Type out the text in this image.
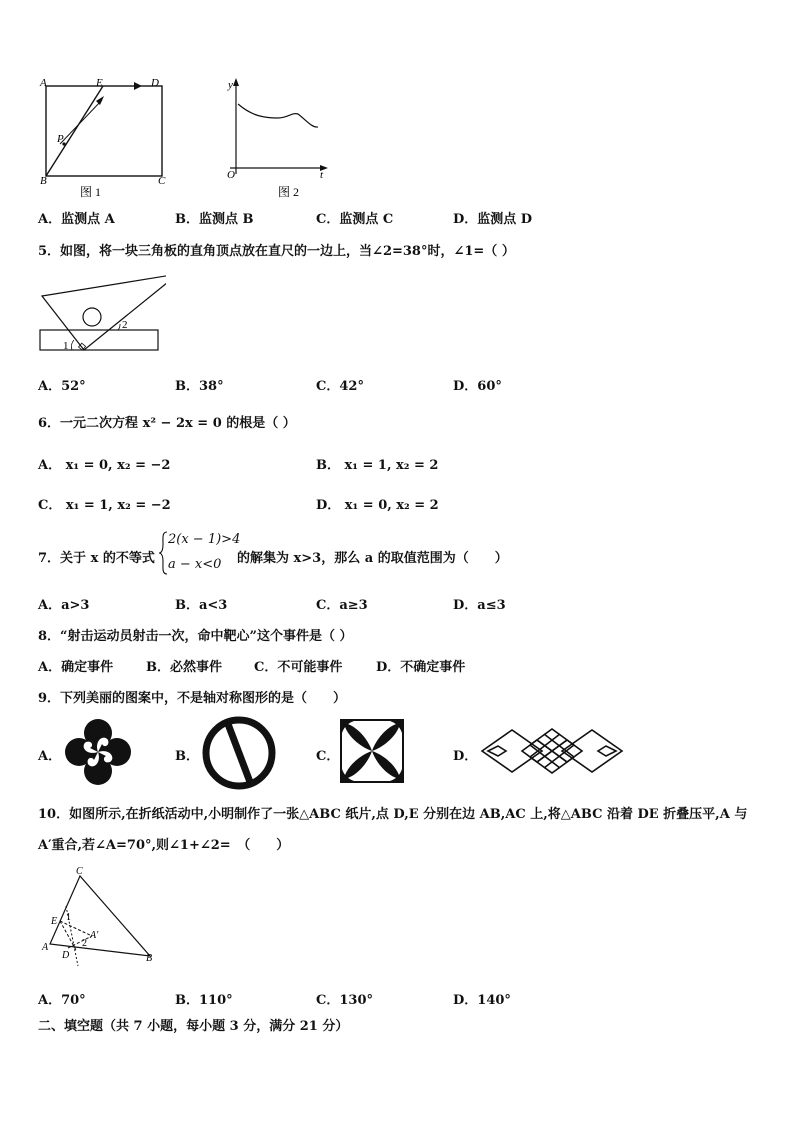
A	E	D
P
B	C
图 1
y
O	t
图 2
A．监测点 A	B．监测点 B	C．监测点 C	D．监测点 D
5．如图，将一块三角板的直角顶点放在直尺的一边上，当∠2=38°时，∠1=（ ）
1
2
A．52°	B．38°	C．42°	D．60°
6．一元二次方程 x² − 2x = 0 的根是（ ）
A． x₁ = 0, x₂ = −2	B． x₁ = 1, x₂ = 2
C． x₁ = 1, x₂ = −2	D． x₁ = 0, x₂ = 2
7．关于 x 的不等式
2(x − 1)>4
a − x<0 的解集为 x>3，那么 a 的取值范围为（　　）
A．a>3	B．a<3	C．a≥3	D．a≤3
8．“射击运动员射击一次，命中靶心”这个事件是（ ）
A．确定事件	B．必然事件 C．不可能事件	D．不确定事件
9．下列美丽的图案中，不是轴对称图形的是（　　）
A．	B．	C．	D．
10．如图所示,在折纸活动中,小明制作了一张△ABC 纸片,点 D,E 分别在边 AB,AC 上,将△ABC 沿着 DE 折叠压平,A 与
A′重合,若∠A=70°,则∠1+∠2=　（　　）
C
E 1
A
A′
2
D	B
A．70°	B．110°	C．130°	D．140°
二、填空题（共 7 小题，每小题 3 分，满分 21 分）
